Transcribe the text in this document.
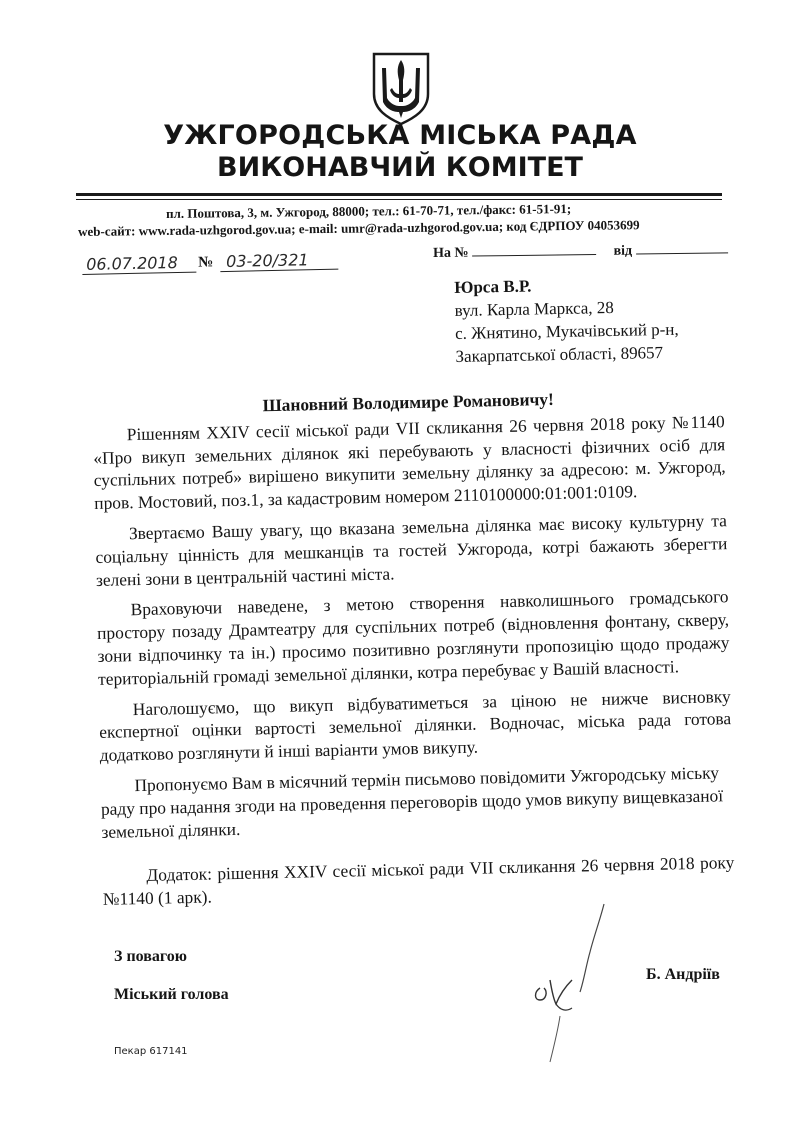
УЖГОРОДСЬКА МІСЬКА РАДА
ВИКОНАВЧИЙ КОМІТЕТ
пл. Поштова, 3, м. Ужгород, 88000; тел.: 61-70-71, тел./факс: 61-51-91;
web-сайт: www.rada-uzhgorod.gov.ua; e-mail: umr@rada-uzhgorod.gov.ua; код ЄДРПОУ 04053699
06.07.2018	№ 03-20/321	На №	від
Юрса В.Р.
вул. Карла Маркса, 28
с. Жнятино, Мукачівський р-н,
Закарпатської області, 89657
Шановний Володимире Романовичу!
Рішенням XXIV сесії міської ради VII скликання 26 червня 2018 року №1140 «Про викуп земельних ділянок які перебувають у власності фізичних осіб для суспільних потреб» вирішено викупити земельну ділянку за адресою: м. Ужгород, пров. Мостовий, поз.1, за кадастровим номером 2110100000:01:001:0109.
Звертаємо Вашу увагу, що вказана земельна ділянка має високу культурну та соціальну цінність для мешканців та гостей Ужгорода, котрі бажають зберегти зелені зони в центральній частині міста.
Враховуючи наведене, з метою створення навколишнього громадського простору позаду Драмтеатру для суспільних потреб (відновлення фонтану, скверу, зони відпочинку та ін.) просимо позитивно розглянути пропозицію щодо продажу територіальній громаді земельної ділянки, котра перебуває у Вашій власності.
Наголошуємо, що викуп відбуватиметься за ціною не нижче висновку експертної оцінки вартості земельної ділянки. Водночас, міська рада готова додатково розглянути й інші варіанти умов викупу.
Пропонуємо Вам в місячний термін письмово повідомити Ужгородську міську раду про надання згоди на проведення переговорів щодо умов викупу вищевказаної земельної ділянки.
Додаток: рішення XXIV сесії міської ради VII скликання 26 червня 2018 року №1140 (1 арк).
З повагою
Міський голова
Б. Андріїв
Пекар 617141
